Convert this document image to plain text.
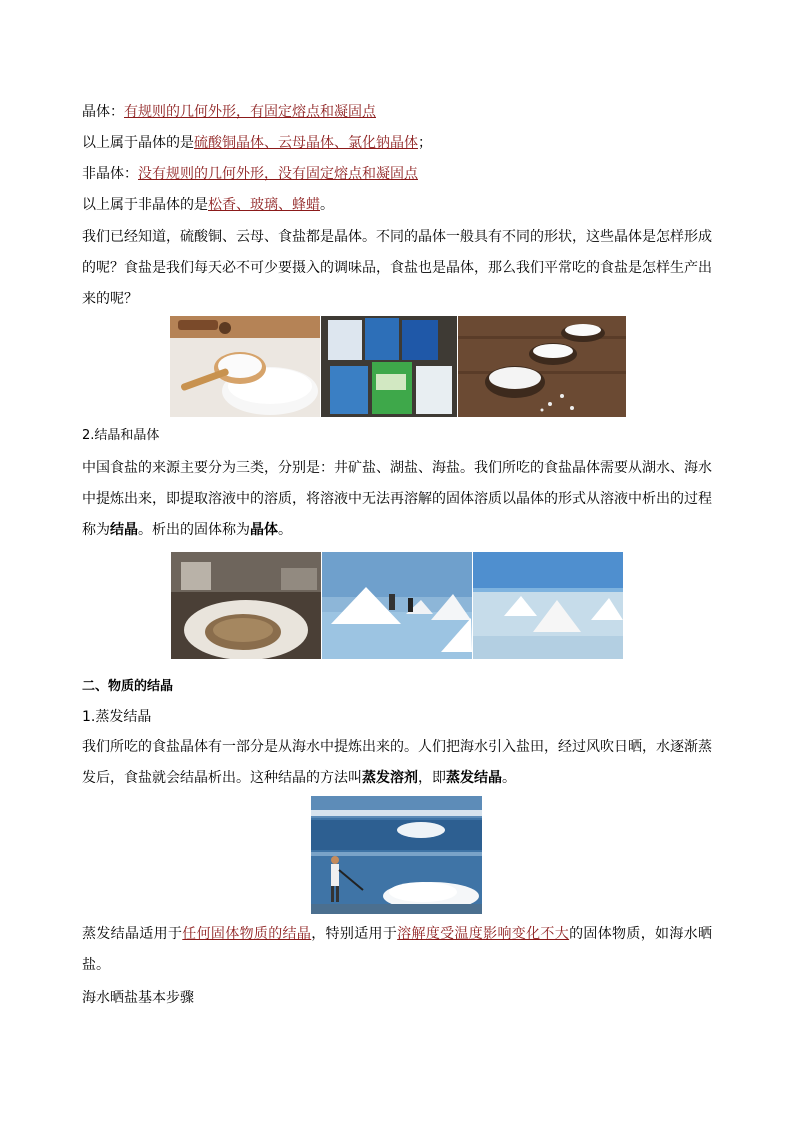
晶体：有规则的几何外形，有固定熔点和凝固点
以上属于晶体的是硫酸铜晶体、云母晶体、氯化钠晶体；
非晶体：没有规则的几何外形，没有固定熔点和凝固点
以上属于非晶体的是松香、玻璃、蜂蜡。
我们已经知道，硫酸铜、云母、食盐都是晶体。不同的晶体一般具有不同的形状，这些晶体是怎样形成的呢？食盐是我们每天必不可少要摄入的调味品，食盐也是晶体，那么我们平常吃的食盐是怎样生产出来的呢？
2.结晶和晶体
中国食盐的来源主要分为三类，分别是：井矿盐、湖盐、海盐。我们所吃的食盐晶体需要从湖水、海水中提炼出来，即提取溶液中的溶质，将溶液中无法再溶解的固体溶质以晶体的形式从溶液中析出的过程称为结晶。析出的固体称为晶体。
二、物质的结晶
1.蒸发结晶
我们所吃的食盐晶体有一部分是从海水中提炼出来的。人们把海水引入盐田，经过风吹日晒，水逐渐蒸发后，食盐就会结晶析出。这种结晶的方法叫蒸发溶剂，即蒸发结晶。
蒸发结晶适用于任何固体物质的结晶，特别适用于溶解度受温度影响变化不大的固体物质，如海水晒盐。
海水晒盐基本步骤
